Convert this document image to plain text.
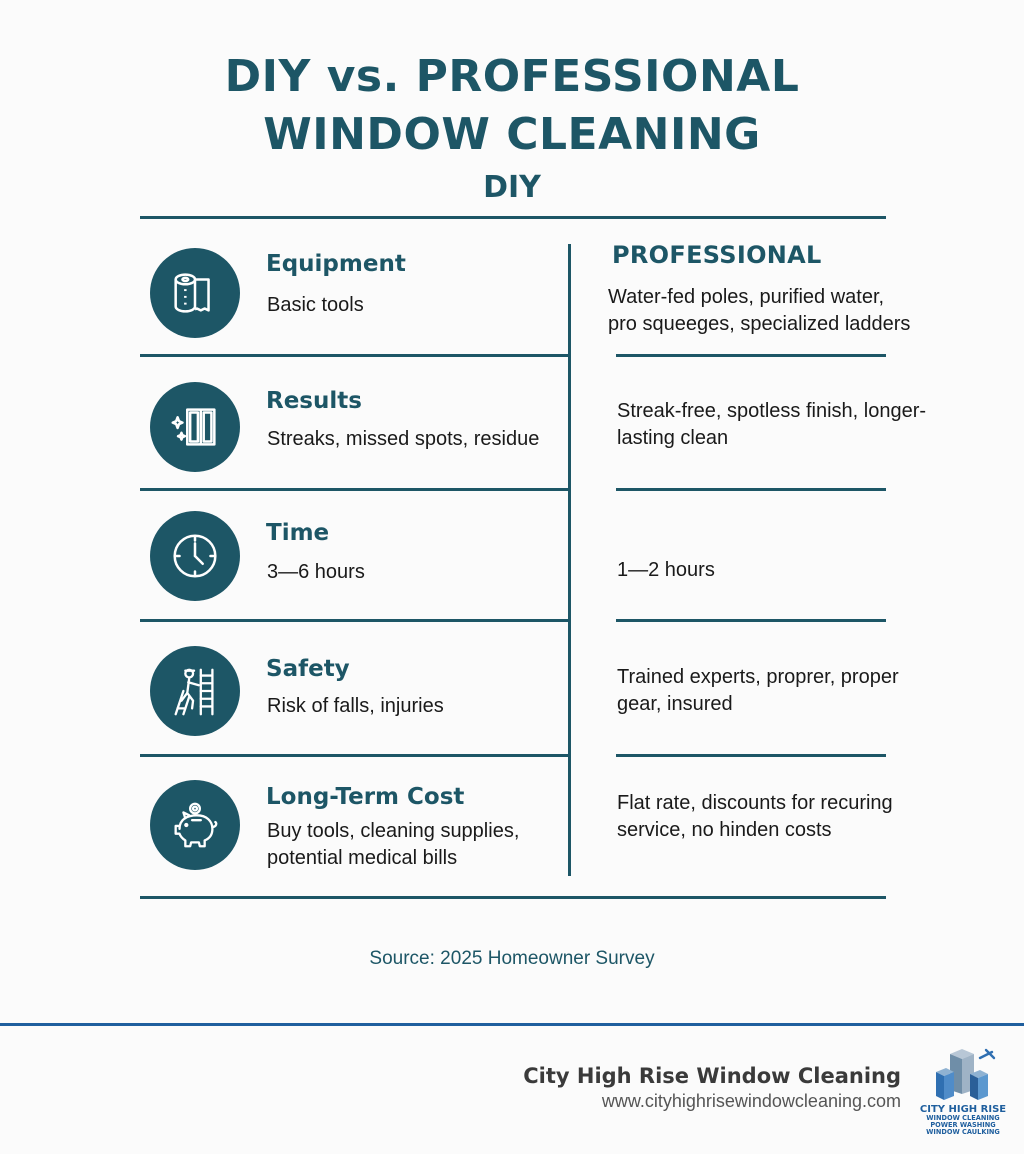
DIY vs. PROFESSIONAL
WINDOW CLEANING
DIY
PROFESSIONAL
Equipment
Basic tools	Water-fed poles, purified water, pro squeeges, specialized ladders
Results
Streaks, missed spots, residue
Streak-free, spotless finish, longer-lasting clean
Time
3—6 hours	1—2 hours
Safety
Risk of falls, injuries
Trained experts, proprer, proper gear, insured
Long-Term Cost
Buy tools, cleaning supplies, potential medical bills
Flat rate, discounts for recuring service, no hinden costs
Source: 2025 Homeowner Survey
City High Rise Window Cleaning
www.cityhighrisewindowcleaning.com CITY HIGH RISE
WINDOW CLEANING
POWER WASHING
WINDOW CAULKING
